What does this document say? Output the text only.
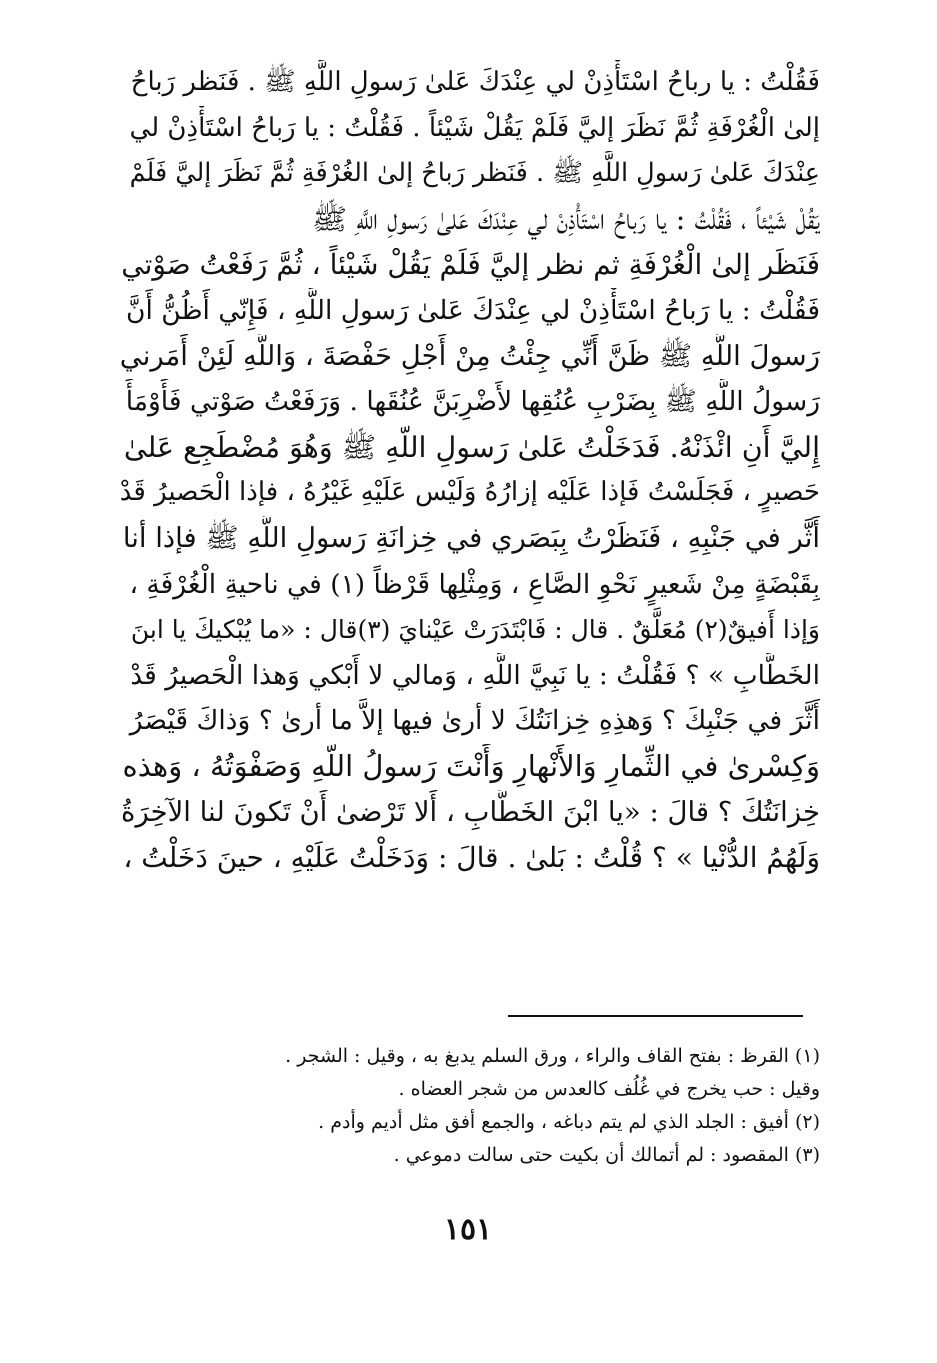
فَقُلْتُ : يا رباحُ اسْتَأْذِنْ لي عِنْدَكَ عَلىٰ رَسولِ اللَّهِ ﷺ . فَنَظر رَباحُ
إلىٰ الْغُرْفَةِ ثُمَّ نَظَرَ إليَّ فَلَمْ يَقُلْ شَيْئاً . فَقُلْتُ : يا رَباحُ اسْتَأْذِنْ لي
عِنْدَكَ عَلىٰ رَسولِ اللَّهِ ﷺ . فَنَظر رَباحُ إلىٰ الغُرْفَةِ ثُمَّ نَظَرَ إليَّ فَلَمْ
يَقُلْ شَيْئاً ، فَقُلْتُ : يا رَباحُ اسْتَأْذِنْ لي عِنْدَكَ عَلىٰ رَسولِ اللَّهِ ﷺ
فَنَظَر إلىٰ الْغُرْفَةِ ثم نظر إليَّ فَلَمْ يَقُلْ شَيْئاً ، ثُمَّ رَفَعْتُ صَوْتي
فَقُلْتُ : يا رَباحُ اسْتَأْذِنْ لي عِنْدَكَ عَلىٰ رَسولِ اللَّهِ ، فَإِنّي أَظُنُّ أَنَّ
رَسولَ اللَّهِ ﷺ ظَنَّ أَنِّي جِئْتُ مِنْ أَجْلِ حَفْصَةَ ، وَاللَّهِ لَئِنْ أَمَرني
رَسولُ اللَّهِ ﷺ بِضَرْبِ عُنُقِها لأَضْرِبَنَّ عُنُقَها . وَرَفَعْتُ صَوْتي فَأَوْمَأَ
إِليَّ أَنِ ائْذَنْهُ. فَدَخَلْتُ عَلىٰ رَسولِ اللَّهِ ﷺ وَهُوَ مُضْطَجِع عَلىٰ
حَصيرٍ ، فَجَلَسْتُ فَإذا عَلَيْه إزارُهُ وَلَيْس عَلَيْهِ غَيْرُهُ ، فإذا الْحَصيرُ قَدْ
أَثَّر في جَنْبِهِ ، فَنَظَرْتُ بِبَصَري في خِزانَةِ رَسولِ اللَّهِ ﷺ فإذا أنا
بِقَبْضَةٍ مِنْ شَعيرٍ نَحْوِ الصَّاعِ ، وَمِثْلِها قَرْظاً (١) في ناحيةِ الْغُرْفَةِ ،
وَإذا أَفيقٌ(٢) مُعَلَّقٌ . قال : فَابْتَدَرَتْ عَيْنايَ (٣)قال : «ما يُبْكيكَ يا ابنَ
الخَطَّابِ » ؟ فَقُلْتُ : يا نَبِيَّ اللَّهِ ، وَمالي لا أَبْكي وَهذا الْحَصيرُ قَدْ
أَثَّرَ في جَنْبِكَ ؟ وَهذِهِ خِزانَتُكَ لا أرىٰ فيها إلاَّ ما أرىٰ ؟ وَذاكَ قَيْصَرُ
وَكِسْرىٰ في الثِّمارِ وَالأَنْهارِ وَأَنْتَ رَسولُ اللَّهِ وَصَفْوَتُهُ ، وَهذه
خِزانَتُكَ ؟ قالَ : «يا ابْنَ الخَطَّابِ ، أَلا تَرْضىٰ أَنْ تَكونَ لنا الآخِرَةُ
وَلَهُمُ الدُّنْيا » ؟ قُلْتُ : بَلىٰ . قالَ : وَدَخَلْتُ عَلَيْهِ ، حينَ دَخَلْتُ ،
(١) القرظ : بفتح القاف والراء ، ورق السلم يدبغ به ، وقيل : الشجر .
وقيل : حب يخرج في غُلُف كالعدس من شجر العضاه .
(٢) أفيق : الجلد الذي لم يتم دباغه ، والجمع أفق مثل أديم وأدم .
(٣) المقصود : لم أتمالك أن بكيت حتى سالت دموعي .
١٥١
